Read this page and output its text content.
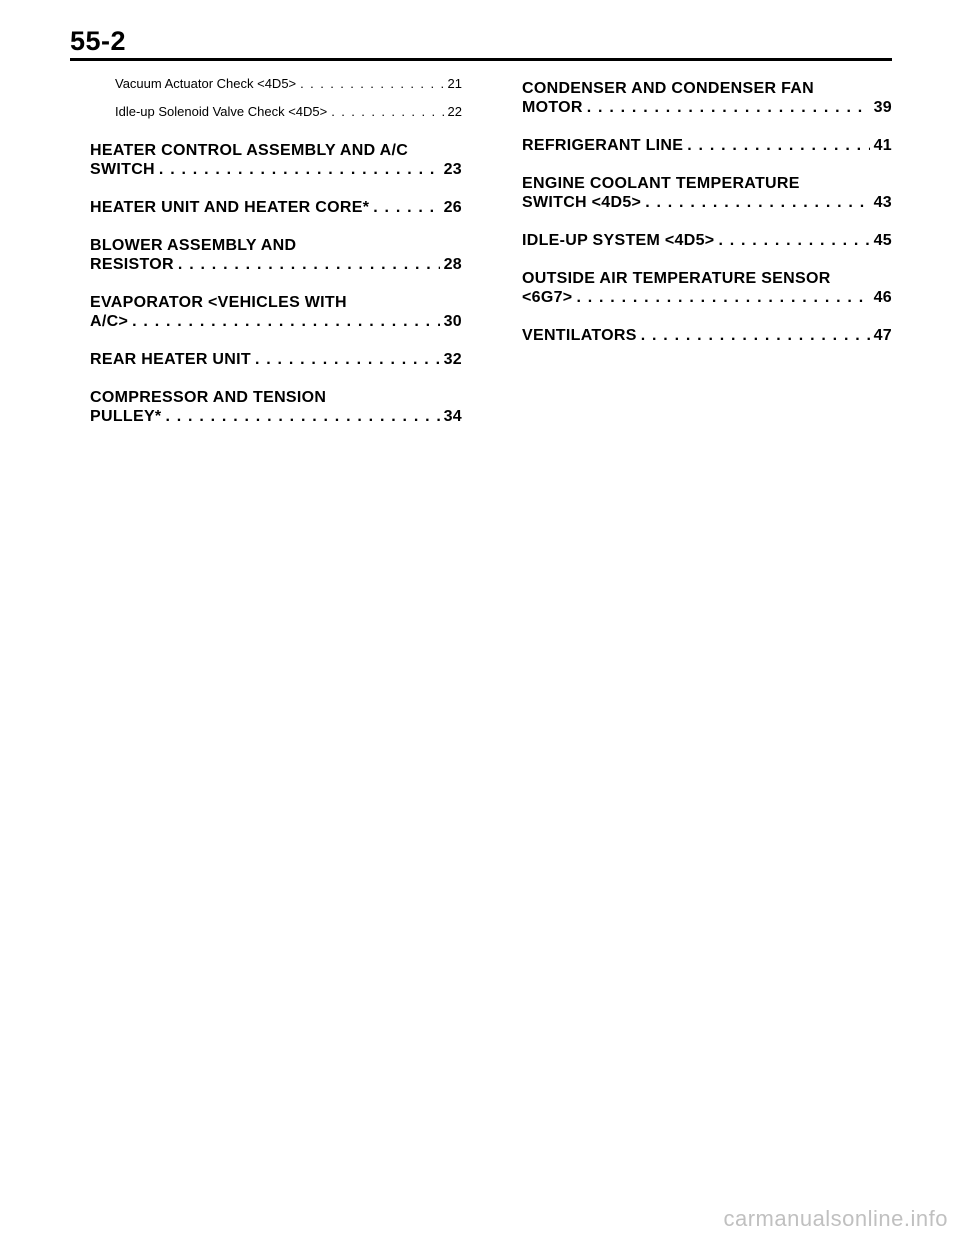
55-2
Vacuum Actuator Check <4D5> . . .	21
Idle-up Solenoid Valve Check <4D5> . . .	22
HEATER CONTROL ASSEMBLY AND A/C
SWITCH . . .	23
HEATER UNIT AND HEATER CORE* . . .	26
BLOWER ASSEMBLY AND
RESISTOR . . .	28
EVAPORATOR <VEHICLES WITH
A/C> . . .	30
REAR HEATER UNIT . . .	32
COMPRESSOR AND TENSION
PULLEY* . . .	34
CONDENSER AND CONDENSER FAN
MOTOR . . .	39
REFRIGERANT LINE . . .	41
ENGINE COOLANT TEMPERATURE
SWITCH <4D5> . . .	43
IDLE-UP SYSTEM <4D5> . . .	45
OUTSIDE AIR TEMPERATURE SENSOR
<6G7> . . .	46
VENTILATORS . . .	47
carmanualsonline.info
